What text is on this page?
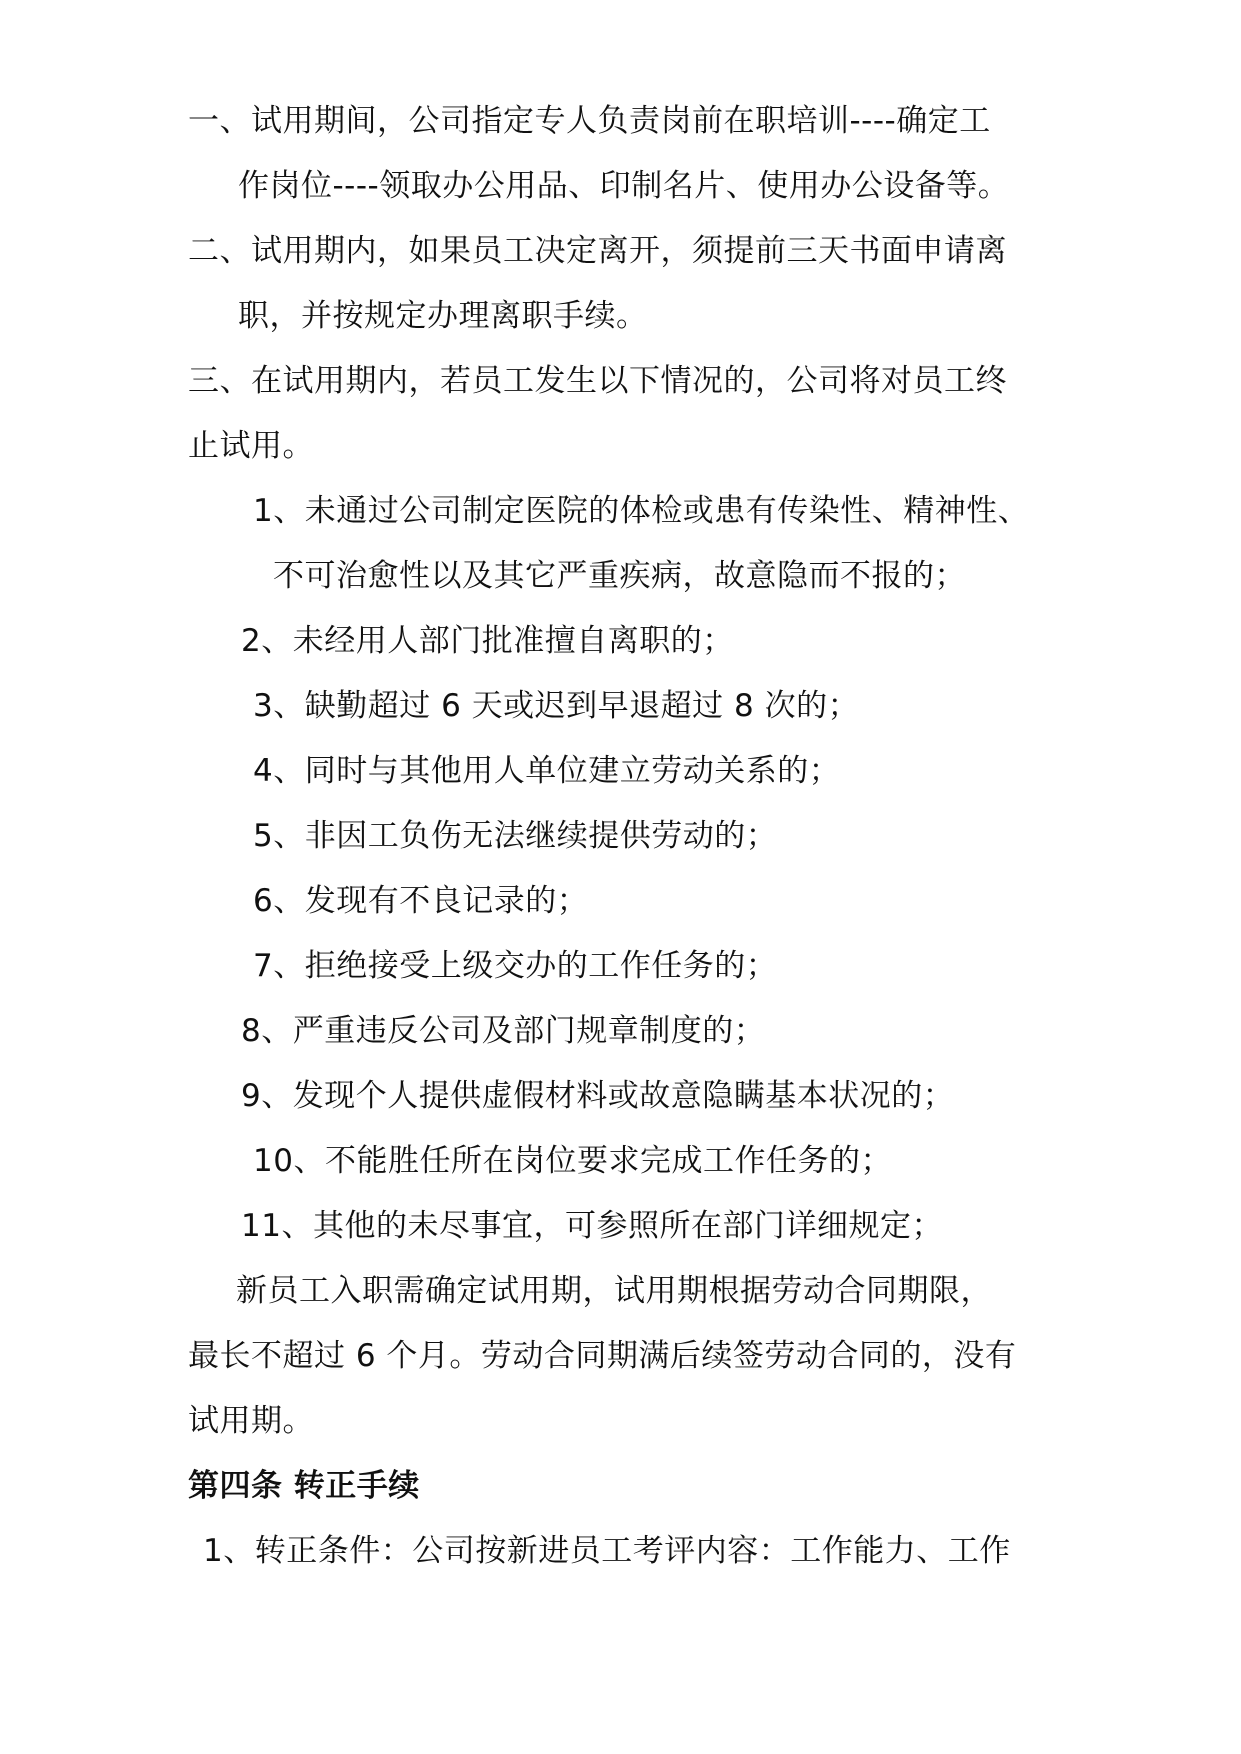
一、试用期间，公司指定专人负责岗前在职培训----确定工
作岗位----领取办公用品、印制名片、使用办公设备等。
二、试用期内，如果员工决定离开，须提前三天书面申请离
职，并按规定办理离职手续。
三、在试用期内，若员工发生以下情况的，公司将对员工终
止试用。
1、未通过公司制定医院的体检或患有传染性、精神性、
不可治愈性以及其它严重疾病，故意隐而不报的；
2、未经用人部门批准擅自离职的；
3、缺勤超过 6 天或迟到早退超过 8 次的；
4、同时与其他用人单位建立劳动关系的；
5、非因工负伤无法继续提供劳动的；
6、发现有不良记录的；
7、拒绝接受上级交办的工作任务的；
8、严重违反公司及部门规章制度的；
9、发现个人提供虚假材料或故意隐瞒基本状况的；
10、不能胜任所在岗位要求完成工作任务的；
11、其他的未尽事宜，可参照所在部门详细规定；
新员工入职需确定试用期，试用期根据劳动合同期限，
最长不超过 6 个月。劳动合同期满后续签劳动合同的，没有
试用期。
第四条 转正手续
1、转正条件：公司按新进员工考评内容：工作能力、工作
